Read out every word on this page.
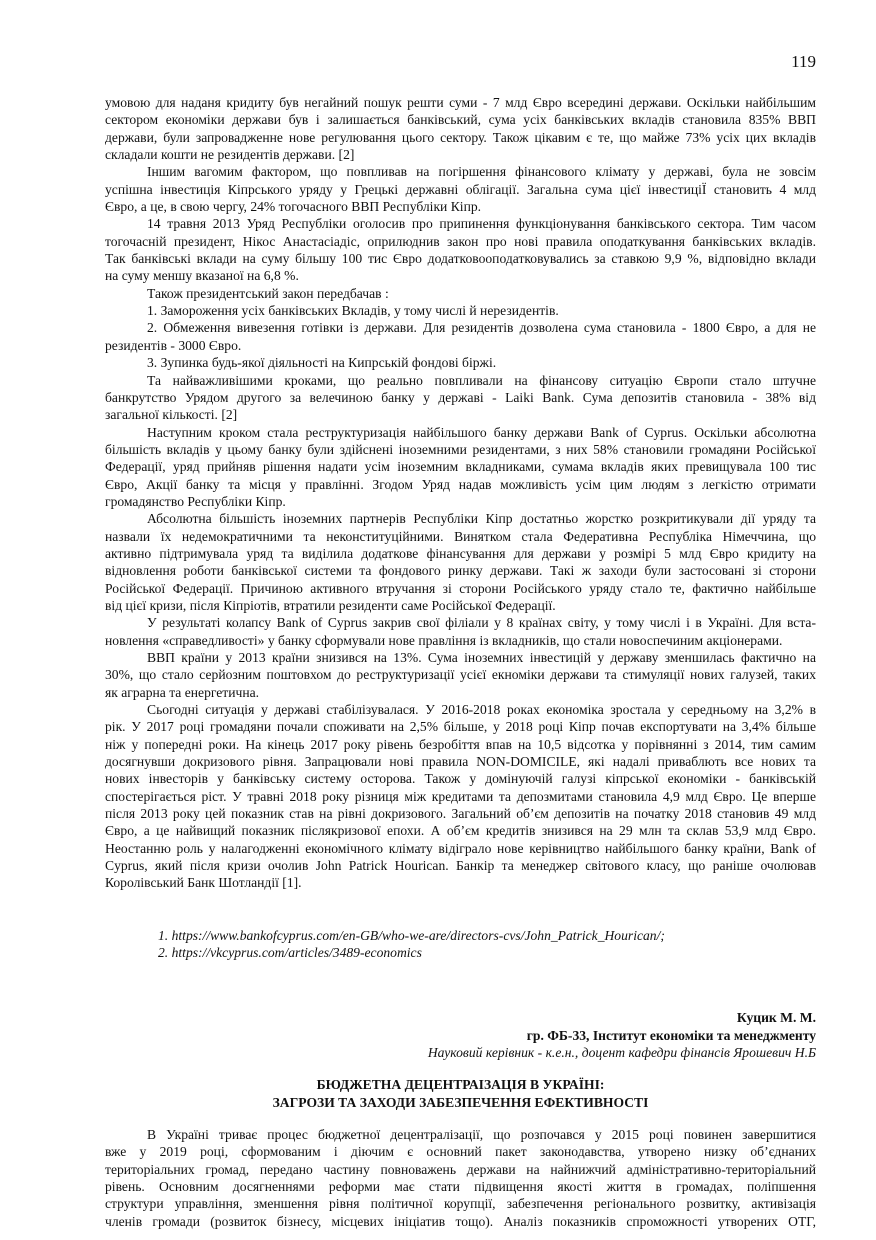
119
умовою для наданя кридиту був негайний пошук решти суми - 7 млд Євро всередині держави. Оскільки найбільшим
сектором економіки держави був і залишається банківський, сума усіх банківських вкладів становила 835% ВВП
держави, були запровадженне нове регулювання цього сектору. Також цікавим є те, що майже 73% усіх цих вкладів
складали кошти не резидентів держави. [2]
Іншим вагомим фактором, що повпливав на погіршення фінансового клімату у державі, була не зовсім
успішна інвестиція Кіпрського уряду у Грецькі державні облігації. Загальна сума цієї інвестиціЇ становить 4 млд
Євро, а це, в свою чергу, 24% тогочасного ВВП Республіки Кіпр.
14 травня 2013 Уряд Республіки оголосив про припинення функціонування банківського сектора. Тим часом
тогочасній президент, Нікос Анастасіадіс, оприлюднив закон про нові правила оподаткування банківських вкладів.
Так банківські вклади на суму більшу 100 тис Євро додатковооподатковувались за ставкою 9,9 %, відповідно вклади
на суму меншу вказаної на 6,8 %.
Також президентський закон передбачав :
1. Замороження усіх банківських Вкладів, у тому числі й нерезидентів.
2. Обмеження вивезення готівки із держави. Для резидентів дозволена сума становила - 1800 Євро, а для не
резидентів - 3000 Євро.
3. Зупинка будь-якої діяльності на Кипрській фондові біржі.
Та найважливішими кроками, що реально повпливали на фінансову ситуацію Європи стало штучне
банкрутство Урядом другого за велечиною банку у державі - Laiki Bank. Сума депозитів становила - 38% від
загальної кількості. [2]
Наступним кроком стала реструктуризація найбільшого банку держави Bank of Cyprus. Оскільки абсолютна
більшість вкладів у цьому банку були здійснені іноземними резидентами, з них 58% становили громадяни Російської
Федерації, уряд прийняв рішення надати усім іноземним вкладниками, сумама вкладів яких превищувала 100 тис
Євро, Акції банку та місця у правлінні. Згодом Уряд надав можливість усім цим людям з легкістю отримати
громадянство Республіки Кіпр.
Абсолютна більшість іноземних партнерів Республіки Кіпр достатньо жорстко розкритикували дії уряду та
назвали їх недемократичними та неконституційними. Винятком стала Федеративна Республіка Німеччина, що
активно підтримувала уряд та виділила додаткове фінансування для держави у розмірі 5 млд Євро кридиту на
відновлення роботи банківської системи та фондового ринку держави. Такі ж заходи були застосовані зі сторони
Російської Федерації. Причиною активного втручання зі сторони Російського уряду стало те, фактично найбільше
від цієї кризи, після Кіпріотів, втратили резиденти саме Російської Федерації.
У результаті колапсу Bank of Cyprus закрив свої філіали у 8 країнах світу, у тому числі і в Україні. Для вста-
новлення «справедливості» у банку сформували нове правління із вкладників, що стали новоспечиним акціонерами.
ВВП країни у 2013 країни знизився на 13%. Сума іноземних інвестицій у державу зменшилась фактично на
30%, що стало серйозним поштовхом до реструктуризації усієї екноміки держави та стимуляції нових галузей, таких
як аграрна та енергетична.
Сьогодні ситуація у державі стабілізувалася. У 2016-2018 роках економіка зростала у середньому на 3,2% в
рік. У 2017 році громадяни почали споживати на 2,5% більше, у 2018 році Кіпр почав експортувати на 3,4% більше
ніж у попередні роки. На кінець 2017 року рівень безробіття впав на 10,5 відсотка у порівнянні з 2014, тим самим
досягнувши докризового рівня. Запрацювали нові правила NON-DOMICILE, які надалі приваблють все нових та
нових інвесторів у банківську систему осторова. Також у домінуючій галузі кіпрської економіки - банківській
спостерігається ріст. У травні 2018 року різниця між кредитами та депозмитами становила 4,9 млд Євро. Це вперше
після 2013 року цей показник став на рівні докризового. Загальний об’єм депозитів на початку 2018 становив 49 млд
Євро, а це найвищий показник післякризової епохи. А об’єм кредитів знизився на 29 млн та склав 53,9 млд Євро.
Неостанню роль у налагодженні економічного клімату відіграло нове керівництво найбільшого банку країни, Bank of
Cyprus, який після кризи очолив John Patrick Hourican. Банкір та менеджер світового класу, що раніше очолював
Королівський Банк Шотландії [1].
1. https://www.bankofcyprus.com/en-GB/who-we-are/directors-cvs/John_Patrick_Hourican/;
2. https://vkcyprus.com/articles/3489-economics
Куцик М. М.
гр. ФБ-33, Інститут економіки та менеджменту
Науковий керівник - к.е.н., доцент кафедри фінансів Ярошевич Н.Б
БЮДЖЕТНА ДЕЦЕНТРАІЗАЦІЯ В УКРАЇНІ:
ЗАГРОЗИ ТА ЗАХОДИ ЗАБЕЗПЕЧЕННЯ ЕФЕКТИВНОСТІ
В Україні триває процес бюджетної децентралізації, що розпочався у 2015 році повинен завершитися
вже у 2019 році, сформованим і діючим є основний пакет законодавства, утворено низку об’єднаних
територіальних громад, передано частину повноважень держави на найнижчий адміністративно-територіальний
рівень. Основним досягненнями реформи має стати підвищення якості життя в громадах, поліпшення
структури управління, зменшення рівня політичної корупції, забезпечення регіонального розвитку, активізація
членів громади (розвиток бізнесу, місцевих ініціатив тощо). Аналіз показників спроможності утворених ОТГ,
